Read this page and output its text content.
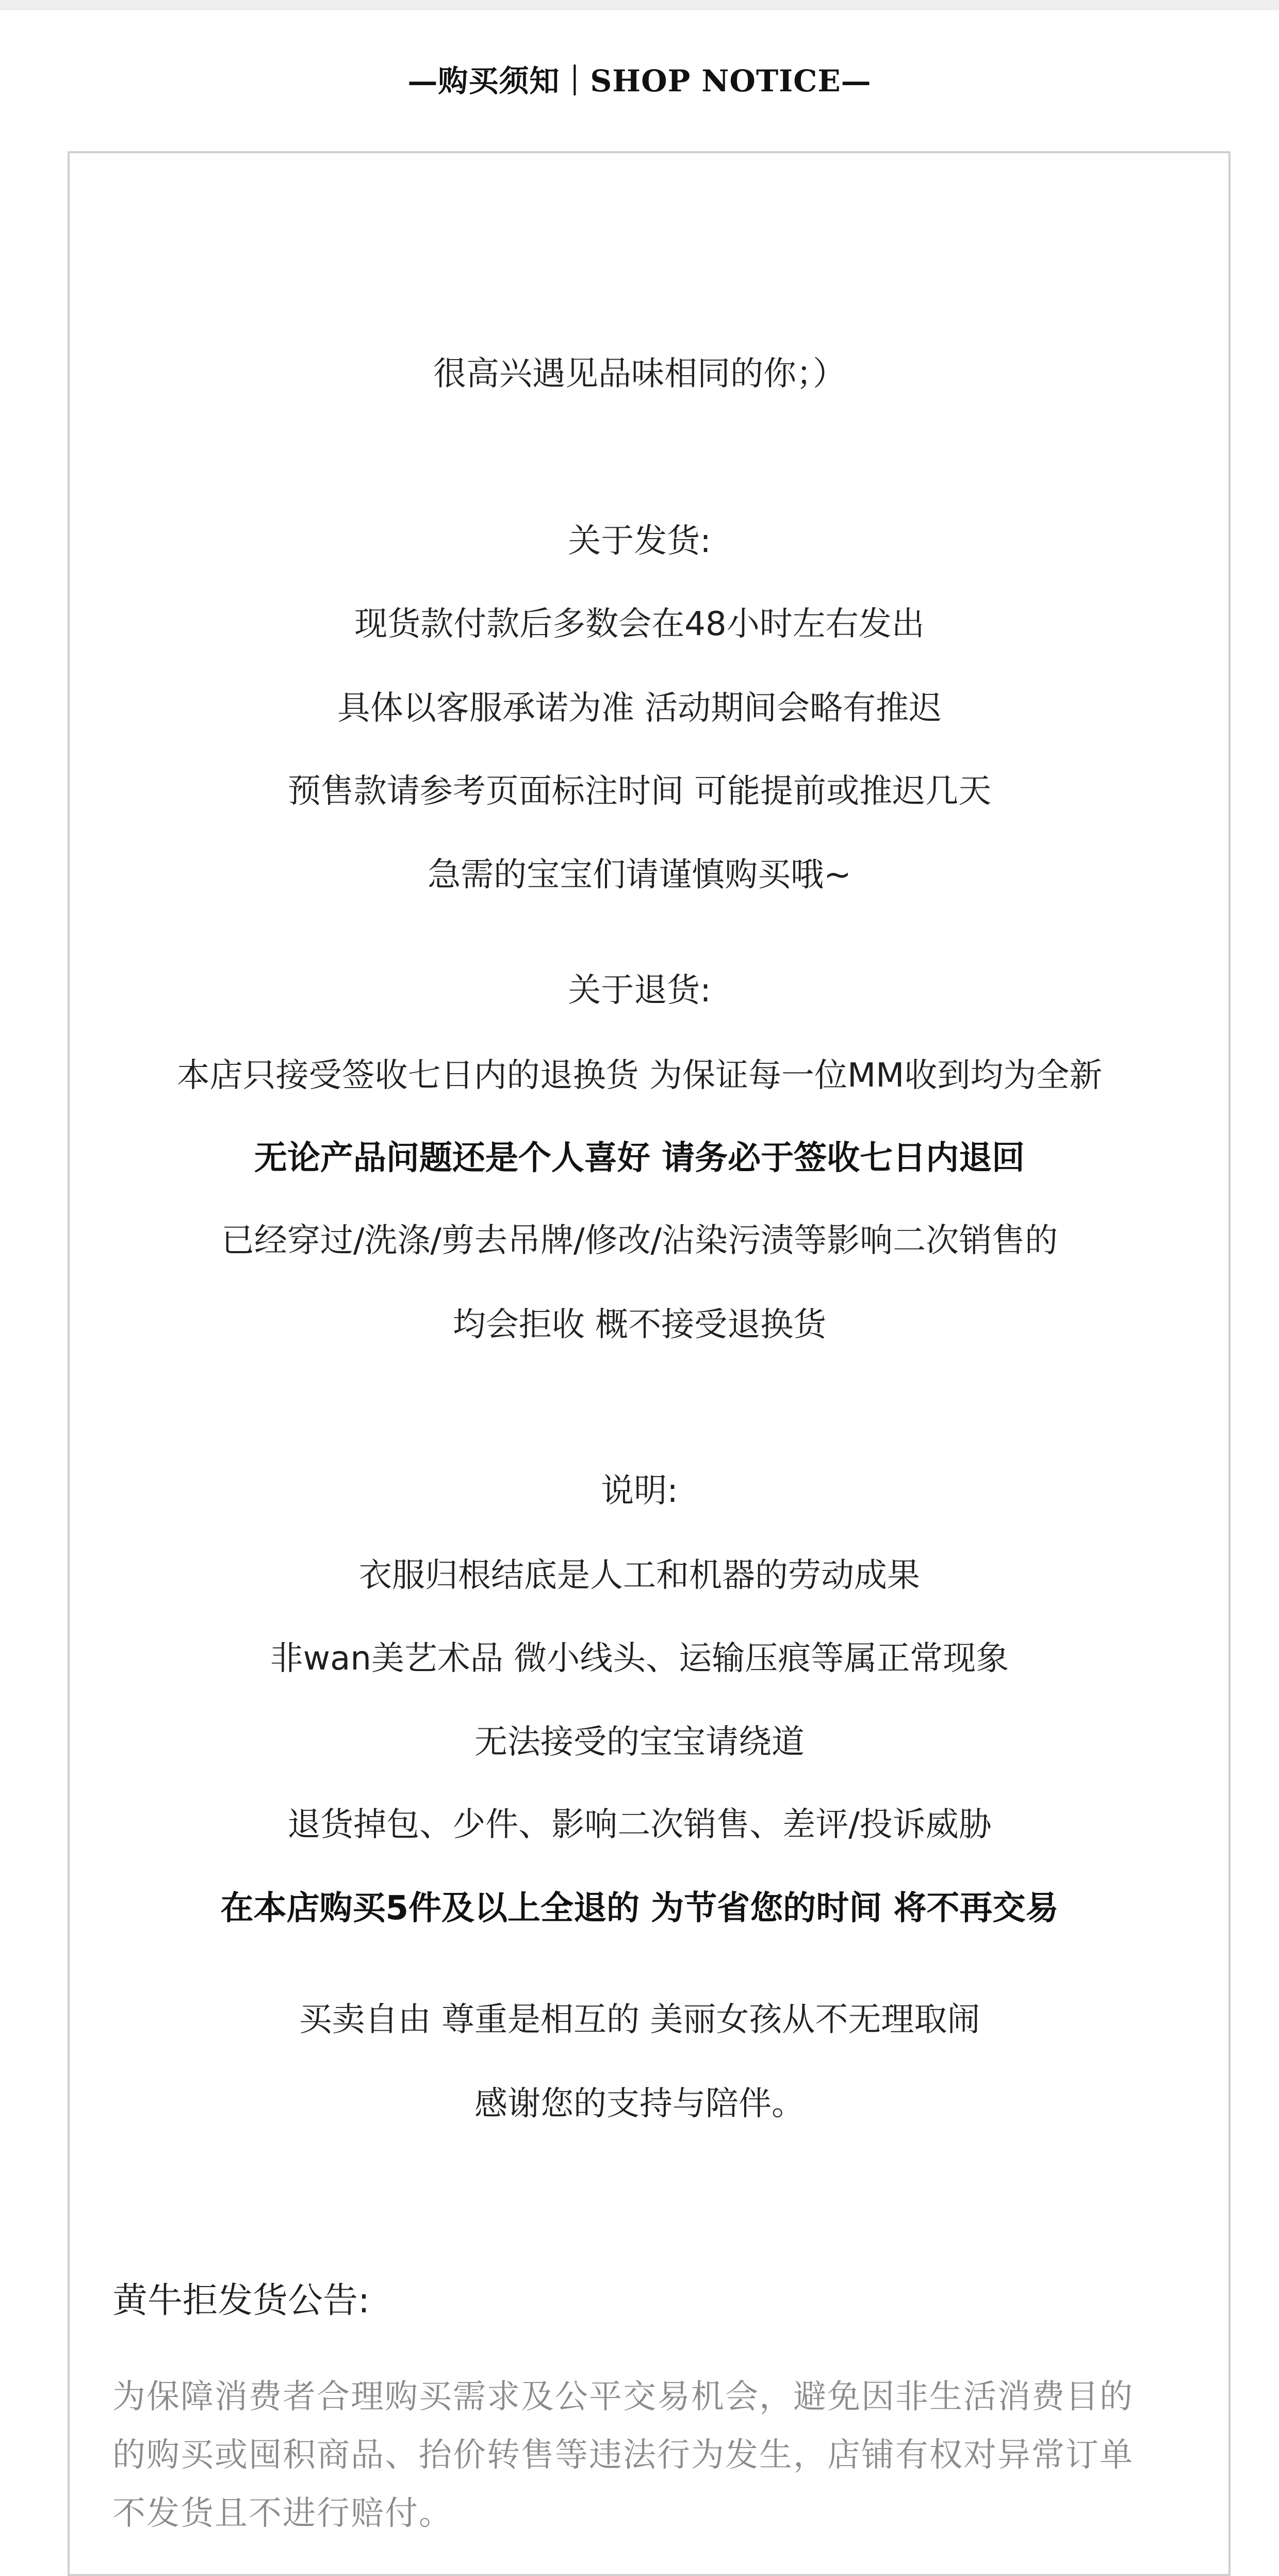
—购买须知｜SHOP NOTICE—
很高兴遇见品味相同的你；）
关于发货:
现货款付款后多数会在48小时左右发出
具体以客服承诺为准 活动期间会略有推迟
预售款请参考页面标注时间 可能提前或推迟几天
急需的宝宝们请谨慎购买哦~
关于退货:
本店只接受签收七日内的退换货 为保证每一位MM收到均为全新
无论产品问题还是个人喜好 请务必于签收七日内退回
已经穿过/洗涤/剪去吊牌/修改/沾染污渍等影响二次销售的
均会拒收 概不接受退换货
说明:
衣服归根结底是人工和机器的劳动成果
非wan美艺术品 微小线头、运输压痕等属正常现象
无法接受的宝宝请绕道
退货掉包、少件、影响二次销售、差评/投诉威胁
在本店购买5件及以上全退的 为节省您的时间 将不再交易
买卖自由 尊重是相互的 美丽女孩从不无理取闹
感谢您的支持与陪伴。
黄牛拒发货公告:
为保障消费者合理购买需求及公平交易机会，避免因非生活消费目的
的购买或囤积商品、抬价转售等违法行为发生，店铺有权对异常订单
不发货且不进行赔付。
